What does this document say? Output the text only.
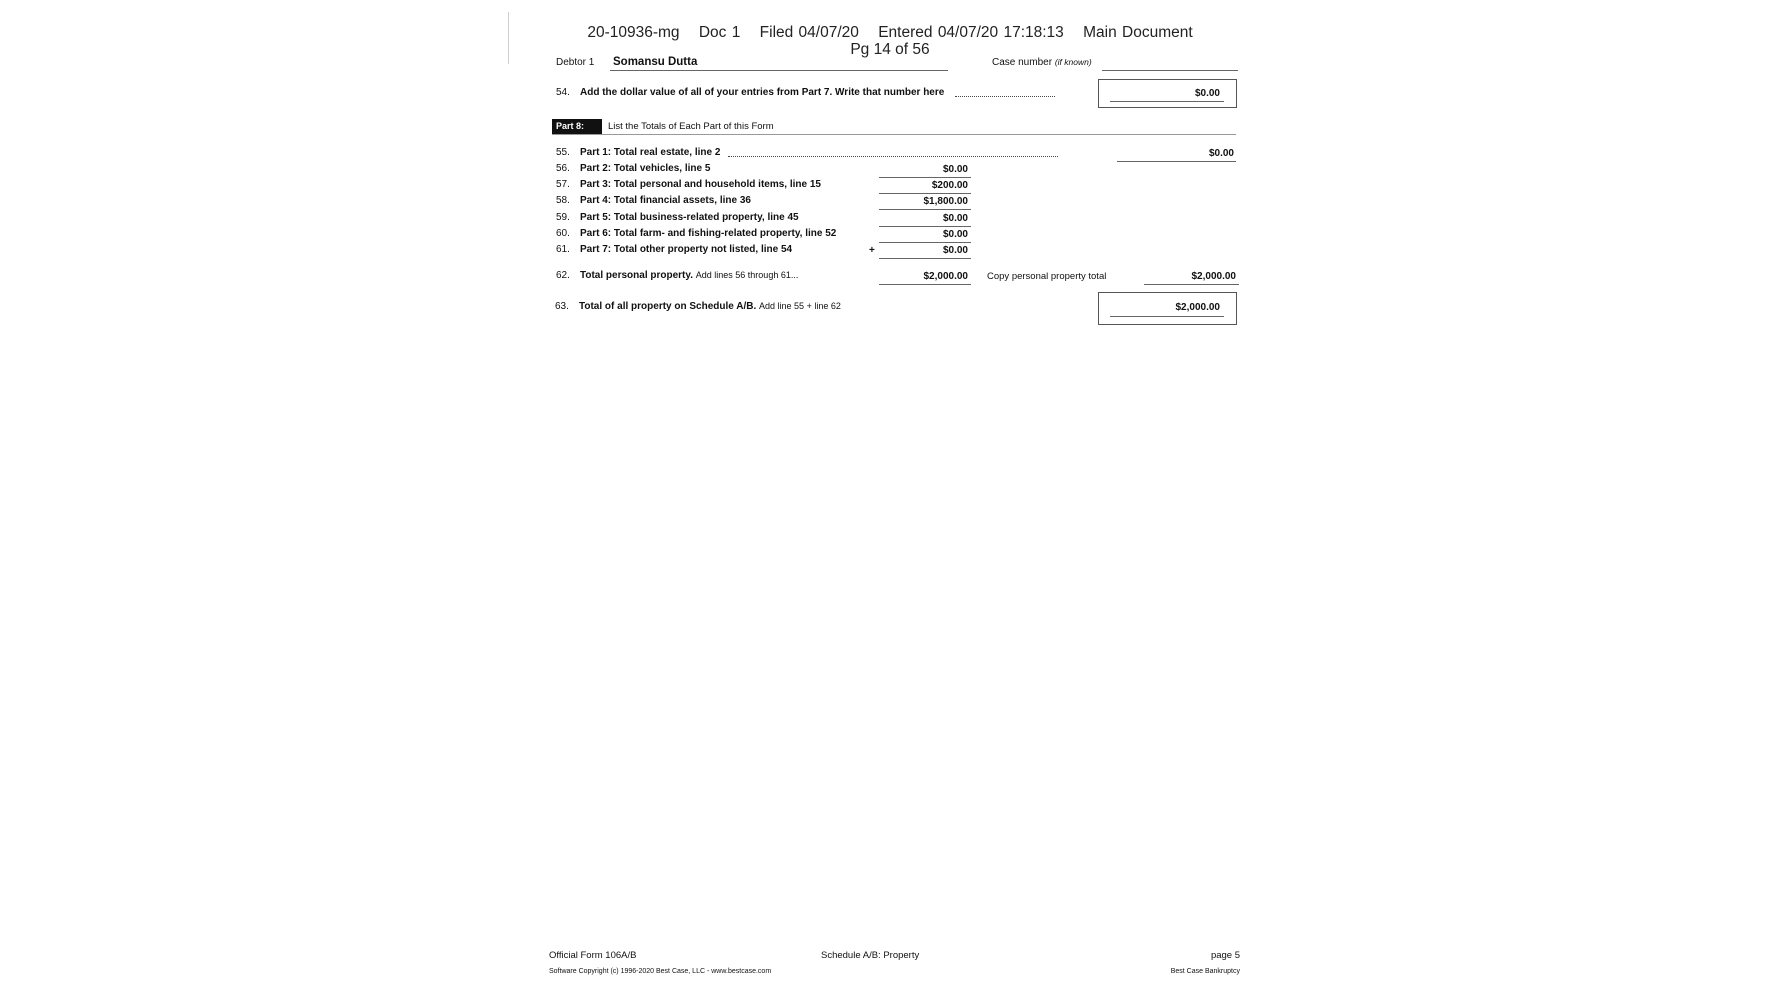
20-10936-mg Doc 1 Filed 04/07/20 Entered 04/07/20 17:18:13 Main Document
Pg 14 of 56
Debtor 1 Somansu Dutta	Case number (if known)
54. Add the dollar value of all of your entries from Part 7. Write that number here	$0.00
Part 8:	List the Totals of Each Part of this Form
55. Part 1: Total real estate, line 2	$0.00
56. Part 2: Total vehicles, line 5	$0.00
57. Part 3: Total personal and household items, line 15	$200.00
58. Part 4: Total financial assets, line 36	$1,800.00
59. Part 5: Total business-related property, line 45	$0.00
60. Part 6: Total farm- and fishing-related property, line 52	$0.00
61. Part 7: Total other property not listed, line 54	+	$0.00
62. Total personal property. Add lines 56 through 61...	$2,000.00 Copy personal property total	$2,000.00
63. Total of all property on Schedule A/B. Add line 55 + line 62	$2,000.00
Official Form 106A/B	Schedule A/B: Property	page 5
Software Copyright (c) 1996-2020 Best Case, LLC - www.bestcase.com	Best Case Bankruptcy
